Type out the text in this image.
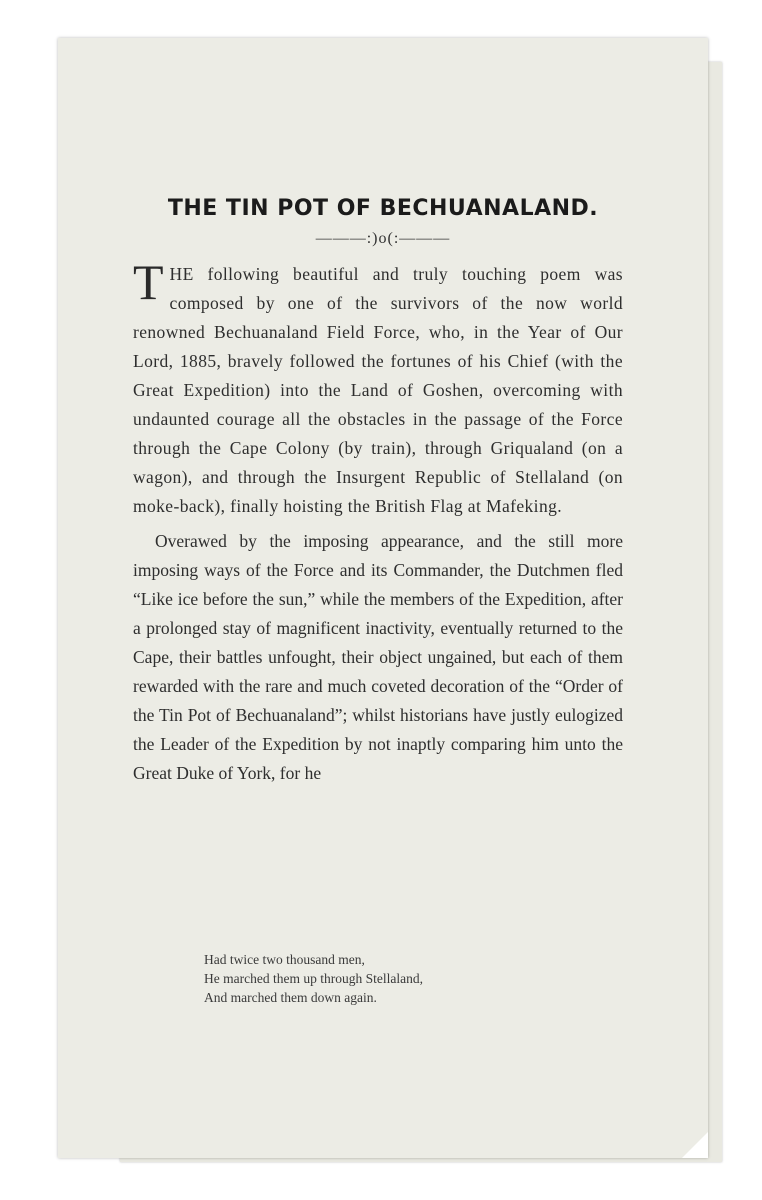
THE TIN POT OF BECHUANALAND.
———:)o(:———

THE following beautiful and truly touching poem was composed by one of the survivors of the now world renowned Bechuanaland Field Force, who, in the Year of Our Lord, 1885, bravely followed the fortunes of his Chief (with the Great Expedition) into the Land of Goshen, overcoming with undaunted courage all the obstacles in the passage of the Force through the Cape Colony (by train), through Griqualand (on a wagon), and through the Insurgent Republic of Stellaland (on moke-back), finally hoisting the British Flag at Mafeking.

Overawed by the imposing appearance, and the still more imposing ways of the Force and its Commander, the Dutchmen fled “Like ice before the sun,” while the members of the Expedition, after a prolonged stay of magnificent inactivity, eventually returned to the Cape, their battles unfought, their object ungained, but each of them rewarded with the rare and much coveted decoration of the “Order of the Tin Pot of Bechuanaland”; whilst historians have justly eulogized the Leader of the Expedition by not inaptly comparing him unto the Great Duke of York, for he

Had twice two thousand men,
He marched them up through Stellaland,
And marched them down again.
